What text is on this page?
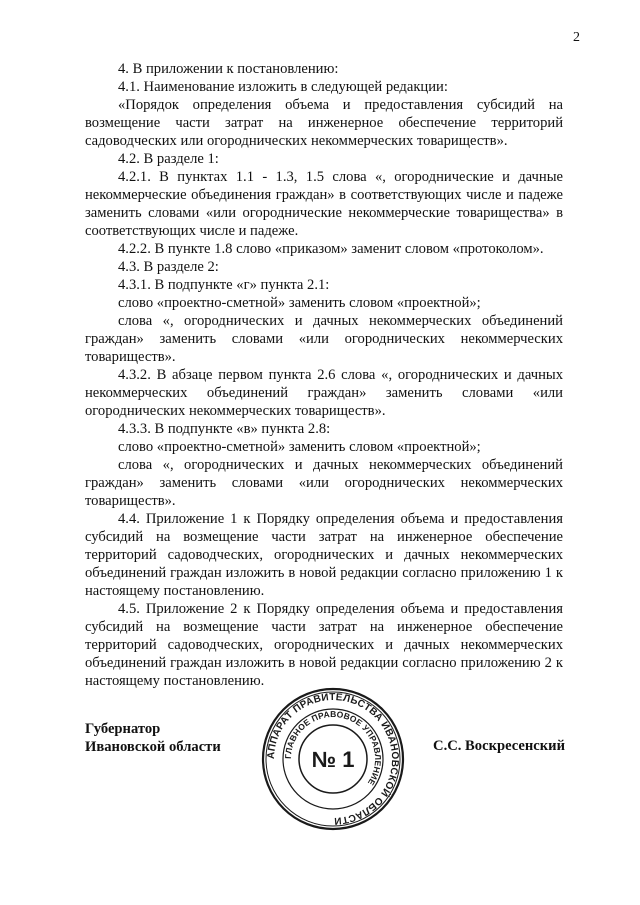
2

4. В приложении к постановлению:

4.1. Наименование изложить в следующей редакции:

«Порядок определения объема и предоставления субсидий на возмещение части затрат на инженерное обеспечение территорий садоводческих или огороднических некоммерческих товариществ».

4.2. В разделе 1:

4.2.1. В пунктах 1.1 - 1.3, 1.5 слова «, огороднические и дачные некоммерческие объединения граждан» в соответствующих числе и падеже заменить словами «или огороднические некоммерческие товарищества» в соответствующих числе и падеже.

4.2.2. В пункте 1.8 слово «приказом» заменит словом «протоколом».

4.3. В разделе 2:

4.3.1. В подпункте «г» пункта 2.1:

слово «проектно-сметной» заменить словом «проектной»;

слова «, огороднических и дачных некоммерческих объединений граждан» заменить словами «или огороднических некоммерческих товариществ».

4.3.2. В абзаце первом пункта 2.6 слова «, огороднических и дачных некоммерческих объединений граждан» заменить словами «или огороднических некоммерческих товариществ».

4.3.3. В подпункте «в» пункта 2.8:

слово «проектно-сметной» заменить словом «проектной»;

слова «, огороднических и дачных некоммерческих объединений граждан» заменить словами «или огороднических некоммерческих товариществ».

4.4. Приложение 1 к Порядку определения объема и предоставления субсидий на возмещение части затрат на инженерное обеспечение территорий садоводческих, огороднических и дачных некоммерческих объединений граждан изложить в новой редакции согласно приложению 1 к настоящему постановлению.

4.5. Приложение 2 к Порядку определения объема и предоставления субсидий на возмещение части затрат на инженерное обеспечение территорий садоводческих, огороднических и дачных некоммерческих объединений граждан изложить в новой редакции согласно приложению 2 к настоящему постановлению.

Губернатор
Ивановской области
АППАРАТ ПРАВИТЕЛЬСТВА ИВАНОВСКОЙ ОБЛАСТИ
ГЛАВНОЕ ПРАВОВОЕ УПРАВЛЕНИЕ
№ 1
С.С. Воскресенский
